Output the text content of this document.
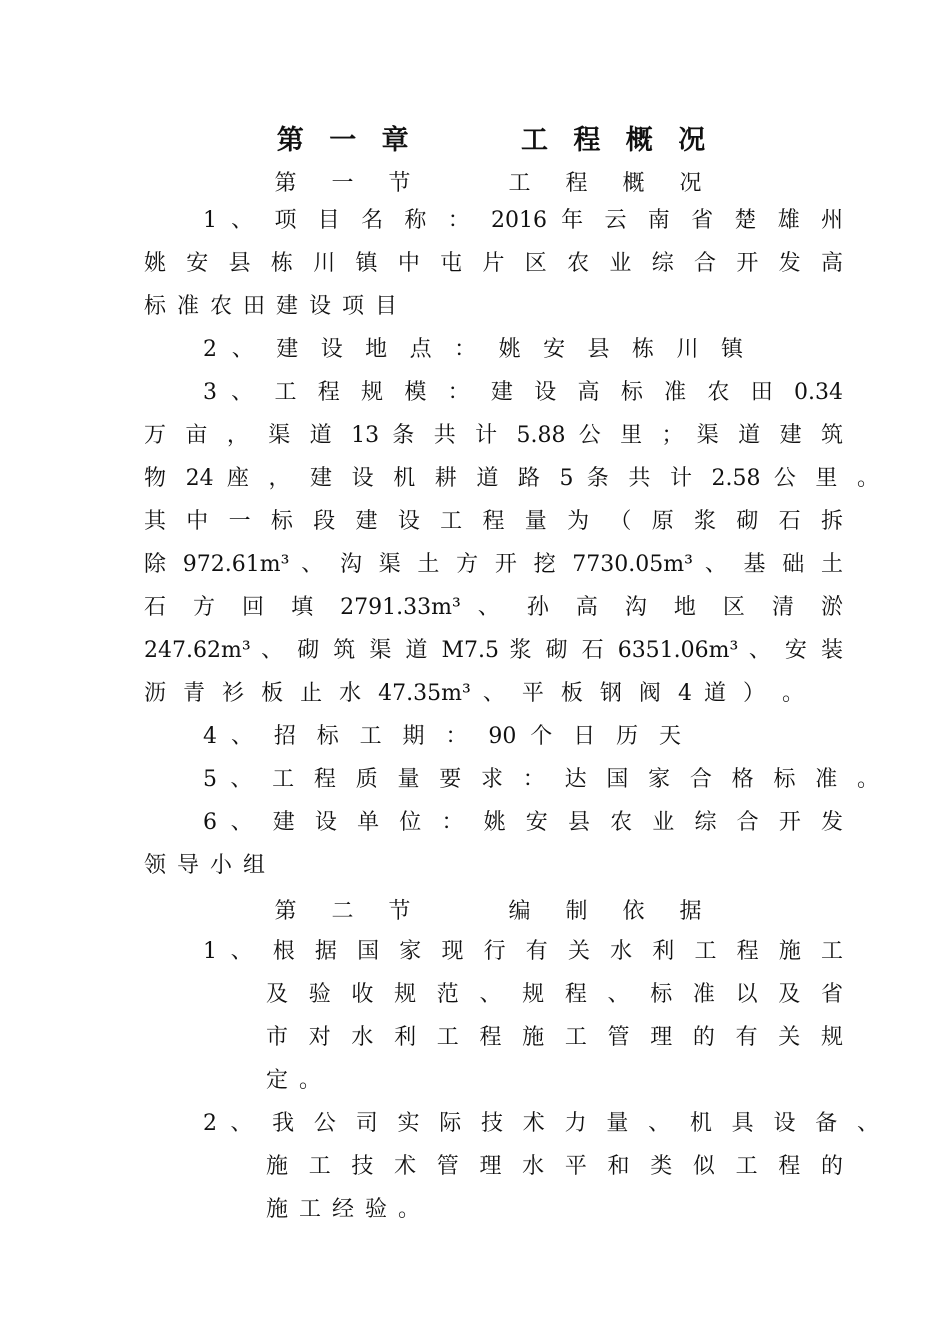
第 一 章      工 程 概 况
第 一 节    工 程 概 况
1 、 项 目 名 称 ： 2016 年 云 南 省 楚 雄 州
姚 安 县 栋 川 镇 中 屯 片 区 农 业 综 合 开 发 高
标 准 农 田 建 设 项 目
2 、 建 设 地 点 ： 姚 安 县 栋 川 镇
3 、 工 程 规 模 ： 建 设 高 标 准 农 田 0.34
万 亩 ， 渠 道 13 条 共 计 5.88 公 里 ； 渠 道 建 筑
物 24 座 ， 建 设 机 耕 道 路 5 条 共 计 2.58 公 里 。
其 中 一 标 段 建 设 工 程 量 为 （ 原 浆 砌 石 拆
除 972.61m³ 、 沟 渠 土 方 开 挖 7730.05m³ 、 基 础 土
石 方 回 填 2791.33m³ 、 孙 高 沟 地 区 清 淤
247.62m³ 、 砌 筑 渠 道 M7.5 浆 砌 石 6351.06m³ 、 安 装
沥 青 衫 板 止 水 47.35m³ 、 平 板 钢 阀 4 道 ） 。
4 、 招 标 工 期 ： 90 个 日 历 天
5 、 工 程 质 量 要 求 ： 达 国 家 合 格 标 准 。
6 、 建 设 单 位 ： 姚 安 县 农 业 综 合 开 发
领 导 小 组
第 二 节    编 制 依 据
1 、 根 据 国 家 现 行 有 关 水 利 工 程 施 工
及 验 收 规 范 、 规 程 、 标 准 以 及 省
市 对 水 利 工 程 施 工 管 理 的 有 关 规
定 。
2 、 我 公 司 实 际 技 术 力 量 、 机 具 设 备 、
施 工 技 术 管 理 水 平 和 类 似 工 程 的
施 工 经 验 。
